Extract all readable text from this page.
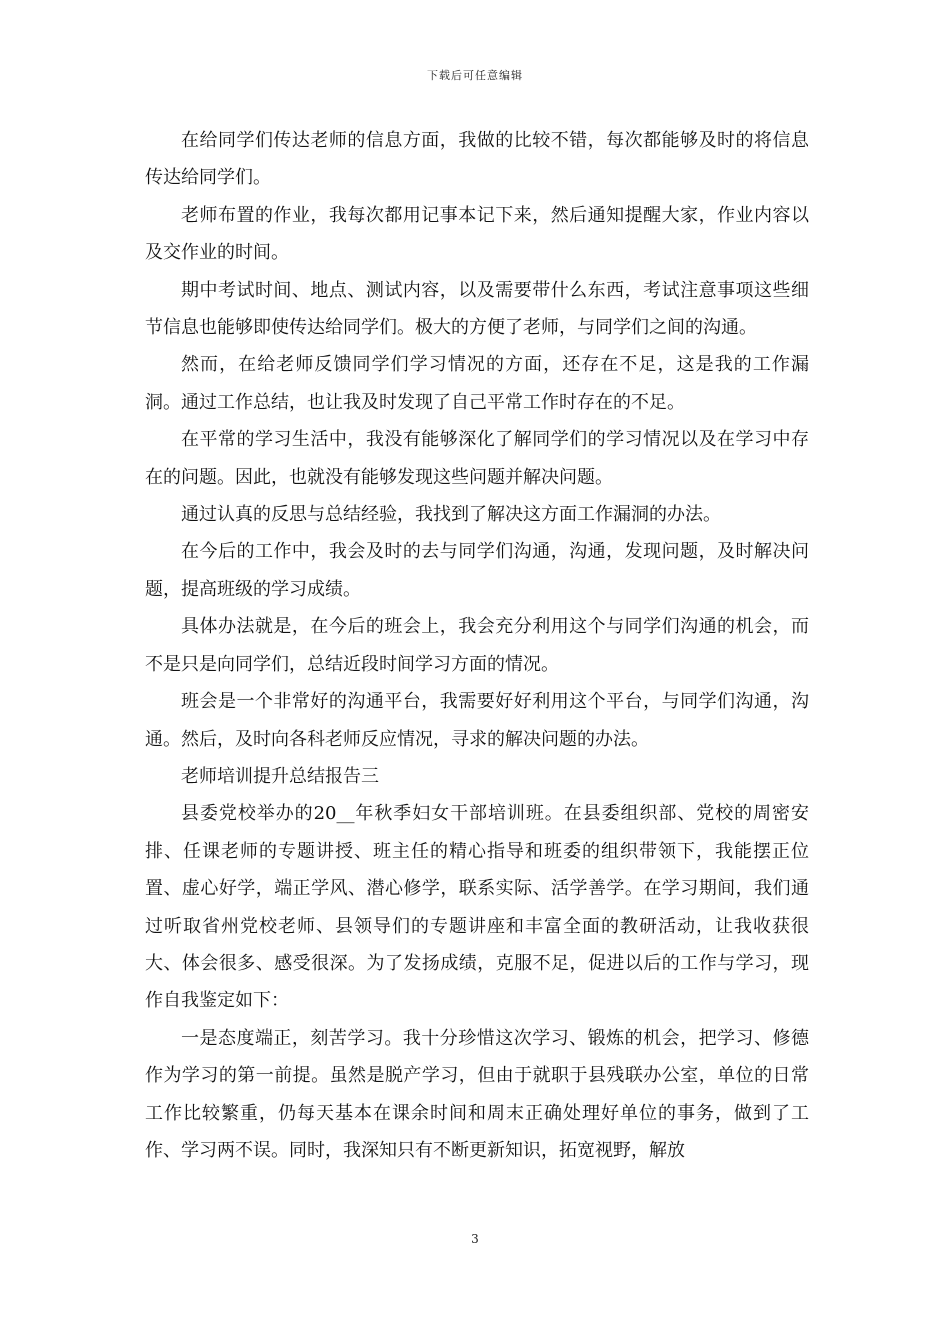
下载后可任意编辑

在给同学们传达老师的信息方面，我做的比较不错，每次都能够及时的将信息传达给同学们。

老师布置的作业，我每次都用记事本记下来，然后通知提醒大家，作业内容以及交作业的时间。

期中考试时间、地点、测试内容，以及需要带什么东西，考试注意事项这些细节信息也能够即使传达给同学们。极大的方便了老师，与同学们之间的沟通。

然而，在给老师反馈同学们学习情况的方面，还存在不足，这是我的工作漏洞。通过工作总结，也让我及时发现了自己平常工作时存在的不足。

在平常的学习生活中，我没有能够深化了解同学们的学习情况以及在学习中存在的问题。因此，也就没有能够发现这些问题并解决问题。

通过认真的反思与总结经验，我找到了解决这方面工作漏洞的办法。

在今后的工作中，我会及时的去与同学们沟通，沟通，发现问题，及时解决问题，提高班级的学习成绩。

具体办法就是，在今后的班会上，我会充分利用这个与同学们沟通的机会，而不是只是向同学们，总结近段时间学习方面的情况。

班会是一个非常好的沟通平台，我需要好好利用这个平台，与同学们沟通，沟通。然后，及时向各科老师反应情况，寻求的解决问题的办法。

老师培训提升总结报告三

县委党校举办的20__年秋季妇女干部培训班。在县委组织部、党校的周密安排、任课老师的专题讲授、班主任的精心指导和班委的组织带领下，我能摆正位置、虚心好学，端正学风、潜心修学，联系实际、活学善学。在学习期间，我们通过听取省州党校老师、县领导们的专题讲座和丰富全面的教研活动，让我收获很大、体会很多、感受很深。为了发扬成绩，克服不足，促进以后的工作与学习，现作自我鉴定如下：

一是态度端正，刻苦学习。我十分珍惜这次学习、锻炼的机会，把学习、修德作为学习的第一前提。虽然是脱产学习，但由于就职于县残联办公室，单位的日常工作比较繁重，仍每天基本在课余时间和周末正确处理好单位的事务，做到了工作、学习两不误。同时，我深知只有不断更新知识，拓宽视野，解放

3
